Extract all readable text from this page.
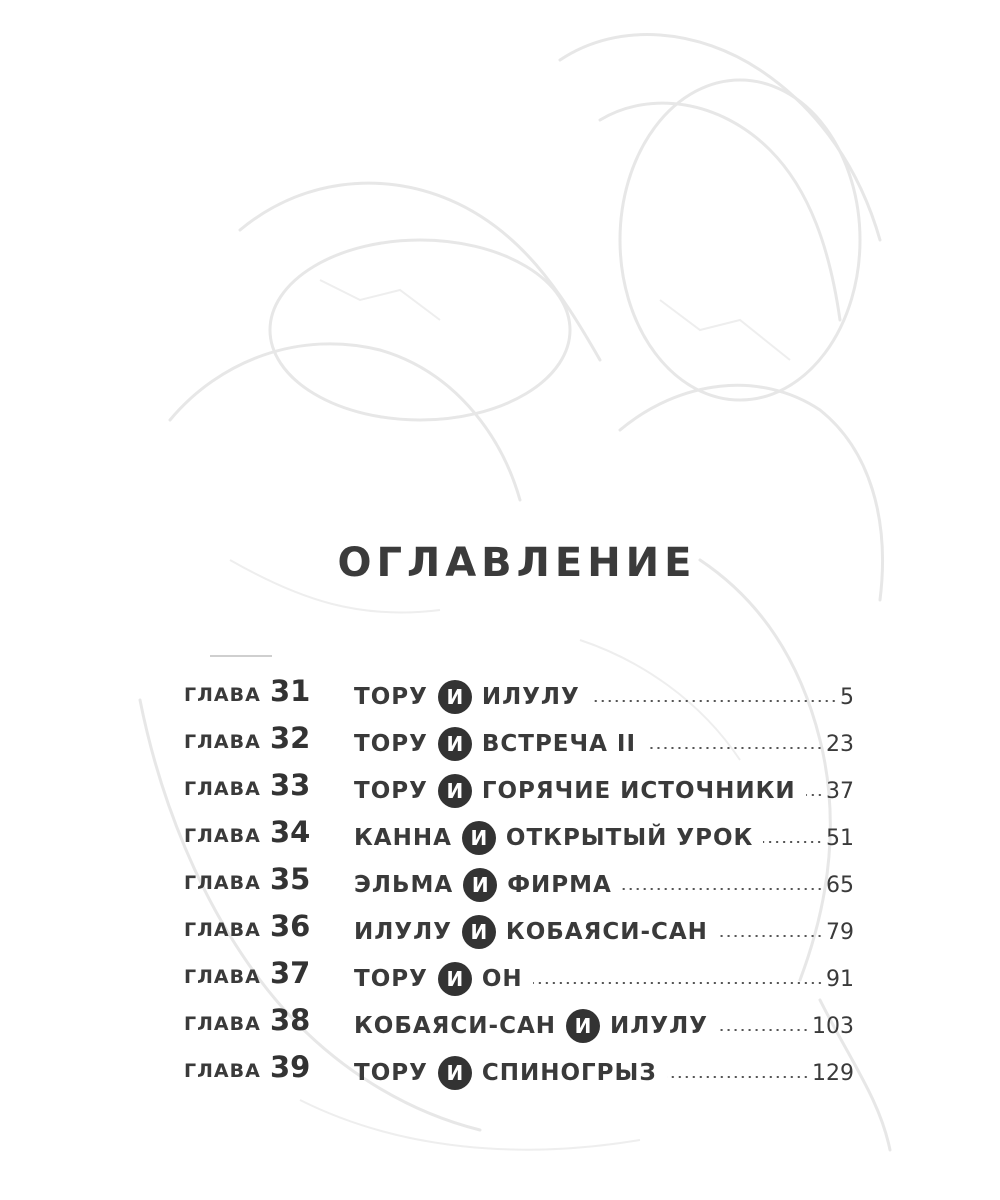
ОГЛАВЛЕНИЕ
ГЛАВА 31 ТОРУ И ИЛУЛУ	5
ГЛАВА 32 ТОРУ И ВСТРЕЧА II	23
ГЛАВА 33 ТОРУ И ГОРЯЧИЕ ИСТОЧНИКИ 37
ГЛАВА 34 КАННА И ОТКРЫТЫЙ УРОК	51
ГЛАВА 35 ЭЛЬМА И ФИРМА	65
ГЛАВА 36 ИЛУЛУ И КОБАЯСИ-САН	79
ГЛАВА 37 ТОРУ И ОН	91
ГЛАВА 38 КОБАЯСИ-САН И ИЛУЛУ	103
ГЛАВА 39 ТОРУ И СПИНОГРЫЗ	129
